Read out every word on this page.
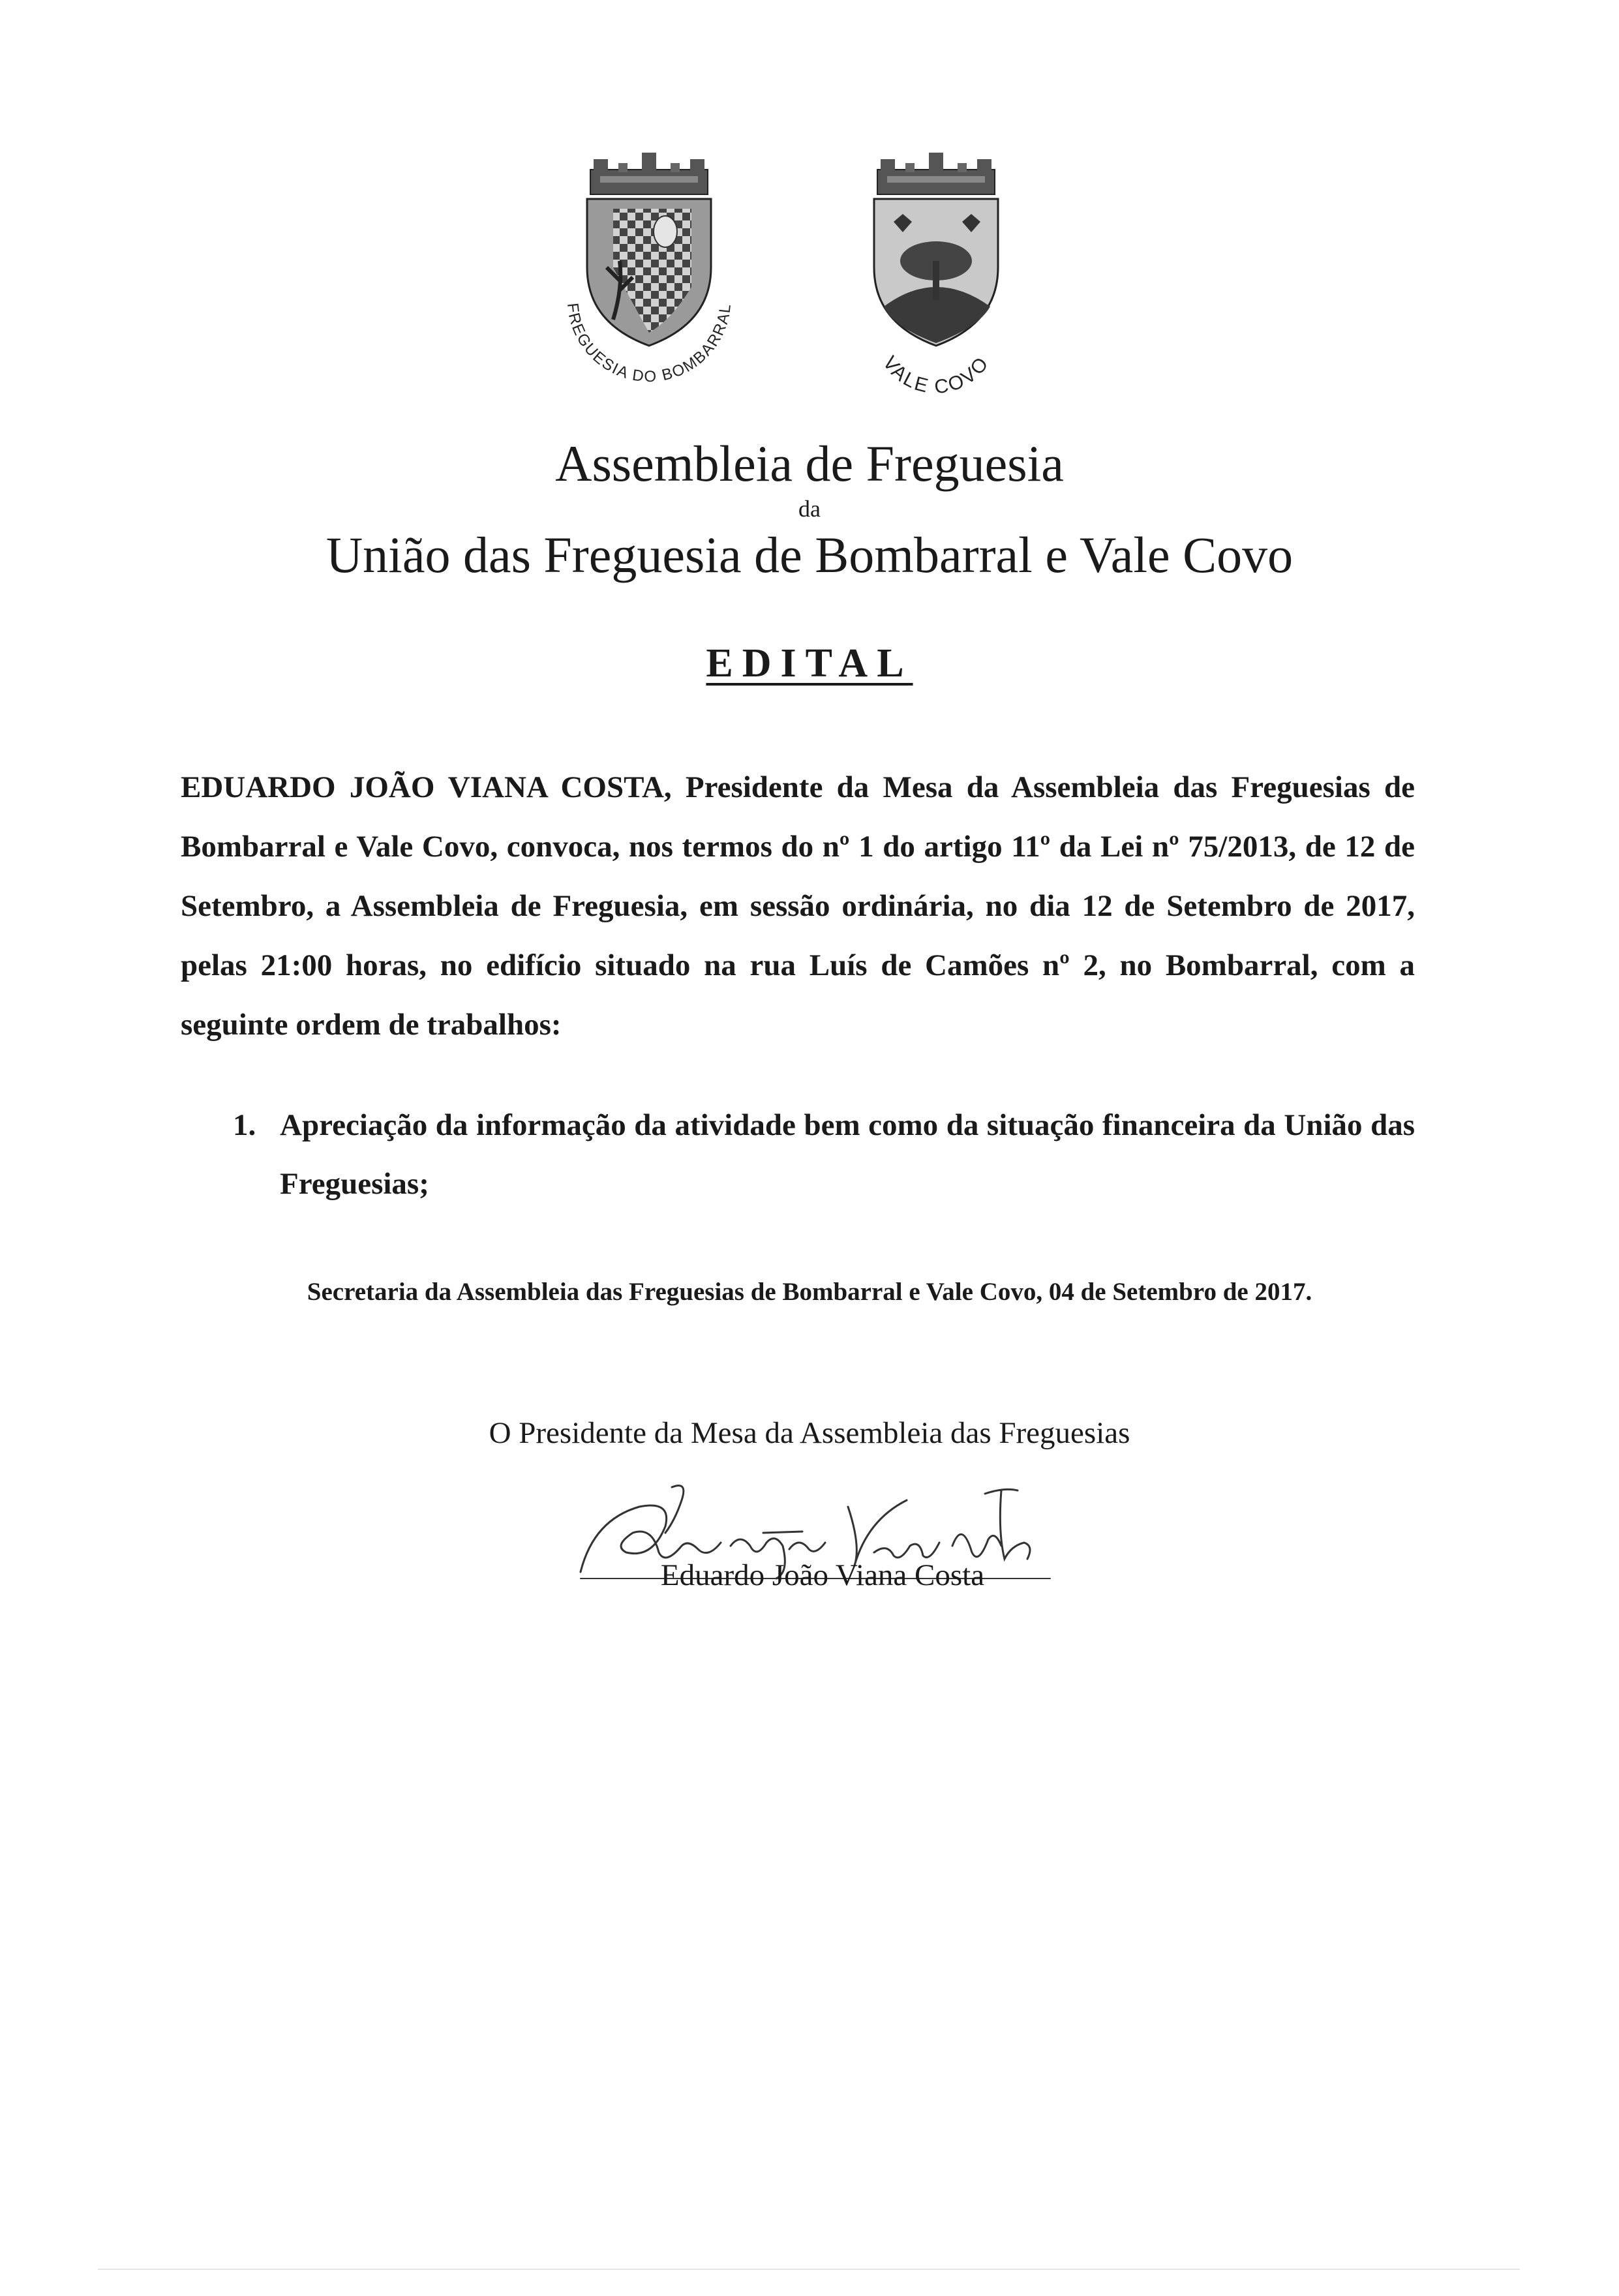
FREGUESIA DO BOMBARRAL
VALE COVO
Assembleia de Freguesia
da
União das Freguesia de Bombarral e Vale Covo
EDITAL

EDUARDO JOÃO VIANA COSTA, Presidente da Mesa da Assembleia das Freguesias de Bombarral e Vale Covo, convoca, nos termos do nº 1 do artigo 11º da Lei nº 75/2013, de 12 de Setembro, a Assembleia de Freguesia, em sessão ordinária, no dia 12 de Setembro de 2017, pelas 21:00 horas, no edifício situado na rua Luís de Camões nº 2, no Bombarral, com a seguinte ordem de trabalhos:

1. Apreciação da informação da atividade bem como da situação financeira da União das Freguesias;
Secretaria da Assembleia das Freguesias de Bombarral e Vale Covo, 04 de Setembro de 2017.
O Presidente da Mesa da Assembleia das Freguesias
Eduardo João Viana Costa
